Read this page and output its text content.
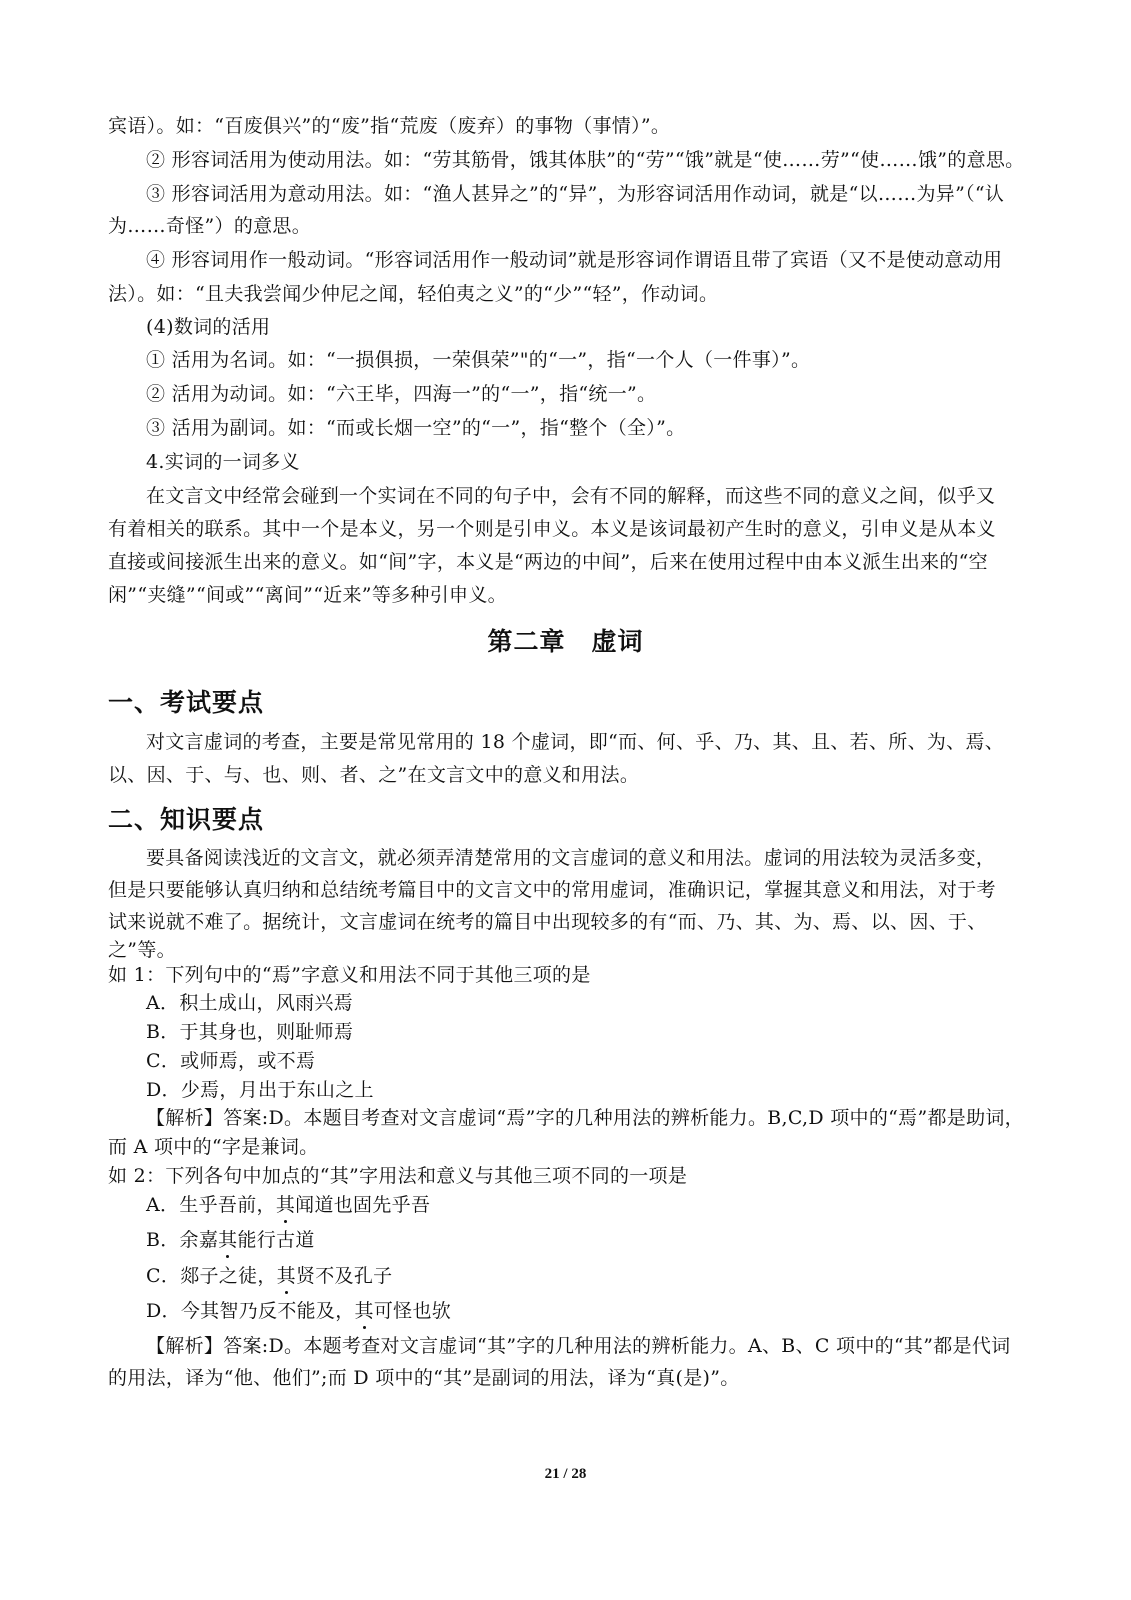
宾语）。如：“百废俱兴”的“废”指“荒废（废弃）的事物（事情）”。
② 形容词活用为使动用法。如：“劳其筋骨，饿其体肤”的“劳”“饿”就是“使……劳”“使……饿”的意思。
③ 形容词活用为意动用法。如：“渔人甚异之”的“异”，为形容词活用作动词，就是“以……为异”（“认
为……奇怪”）的意思。
④ 形容词用作一般动词。“形容词活用作一般动词”就是形容词作谓语且带了宾语（又不是使动意动用
法）。如：“且夫我尝闻少仲尼之闻，轻伯夷之义”的“少”“轻”，作动词。
(4)数词的活用
① 活用为名词。如：“一损俱损，一荣俱荣”"的“一”，指“一个人（一件事）”。
② 活用为动词。如：“六王毕，四海一”的“一”，指“统一”。
③ 活用为副词。如：“而或长烟一空”的“一”，指“整个（全）”。
4.实词的一词多义
在文言文中经常会碰到一个实词在不同的句子中，会有不同的解释，而这些不同的意义之间，似乎又
有着相关的联系。其中一个是本义，另一个则是引申义。本义是该词最初产生时的意义，引申义是从本义
直接或间接派生出来的意义。如“间”字，本义是“两边的中间”，后来在使用过程中由本义派生出来的“空
闲”“夹缝”“间或”“离间”“近来”等多种引申义。
第二章　虚词
一、考试要点
对文言虚词的考查，主要是常见常用的 18 个虚词，即“而、何、乎、乃、其、且、若、所、为、焉、
以、因、于、与、也、则、者、之”在文言文中的意义和用法。
二、知识要点
要具备阅读浅近的文言文，就必须弄清楚常用的文言虚词的意义和用法。虚词的用法较为灵活多变，
但是只要能够认真归纳和总结统考篇目中的文言文中的常用虚词，准确识记，掌握其意义和用法，对于考
试来说就不难了。据统计，文言虚词在统考的篇目中出现较多的有“而、乃、其、为、焉、以、因、于、
之”等。
如 1：下列句中的“焉”字意义和用法不同于其他三项的是
A．积土成山，风雨兴焉
B．于其身也，则耻师焉
C．或师焉，或不焉
D．少焉，月出于东山之上
【解析】答案:D。本题目考查对文言虚词“焉”字的几种用法的辨析能力。B,C,D 项中的“焉”都是助词，
而 A 项中的“字是兼词。
如 2：下列各句中加点的“其”字用法和意义与其他三项不同的一项是
A．生乎吾前，其闻道也固先乎吾
B．余嘉其能行古道
C．郯子之徒，其贤不及孔子
D．今其智乃反不能及，其可怪也欤
【解析】答案:D。本题考查对文言虚词“其”字的几种用法的辨析能力。A、B、C 项中的“其”都是代词
的用法，译为“他、他们”;而 D 项中的“其”是副词的用法，译为“真(是)”。
21 / 28
